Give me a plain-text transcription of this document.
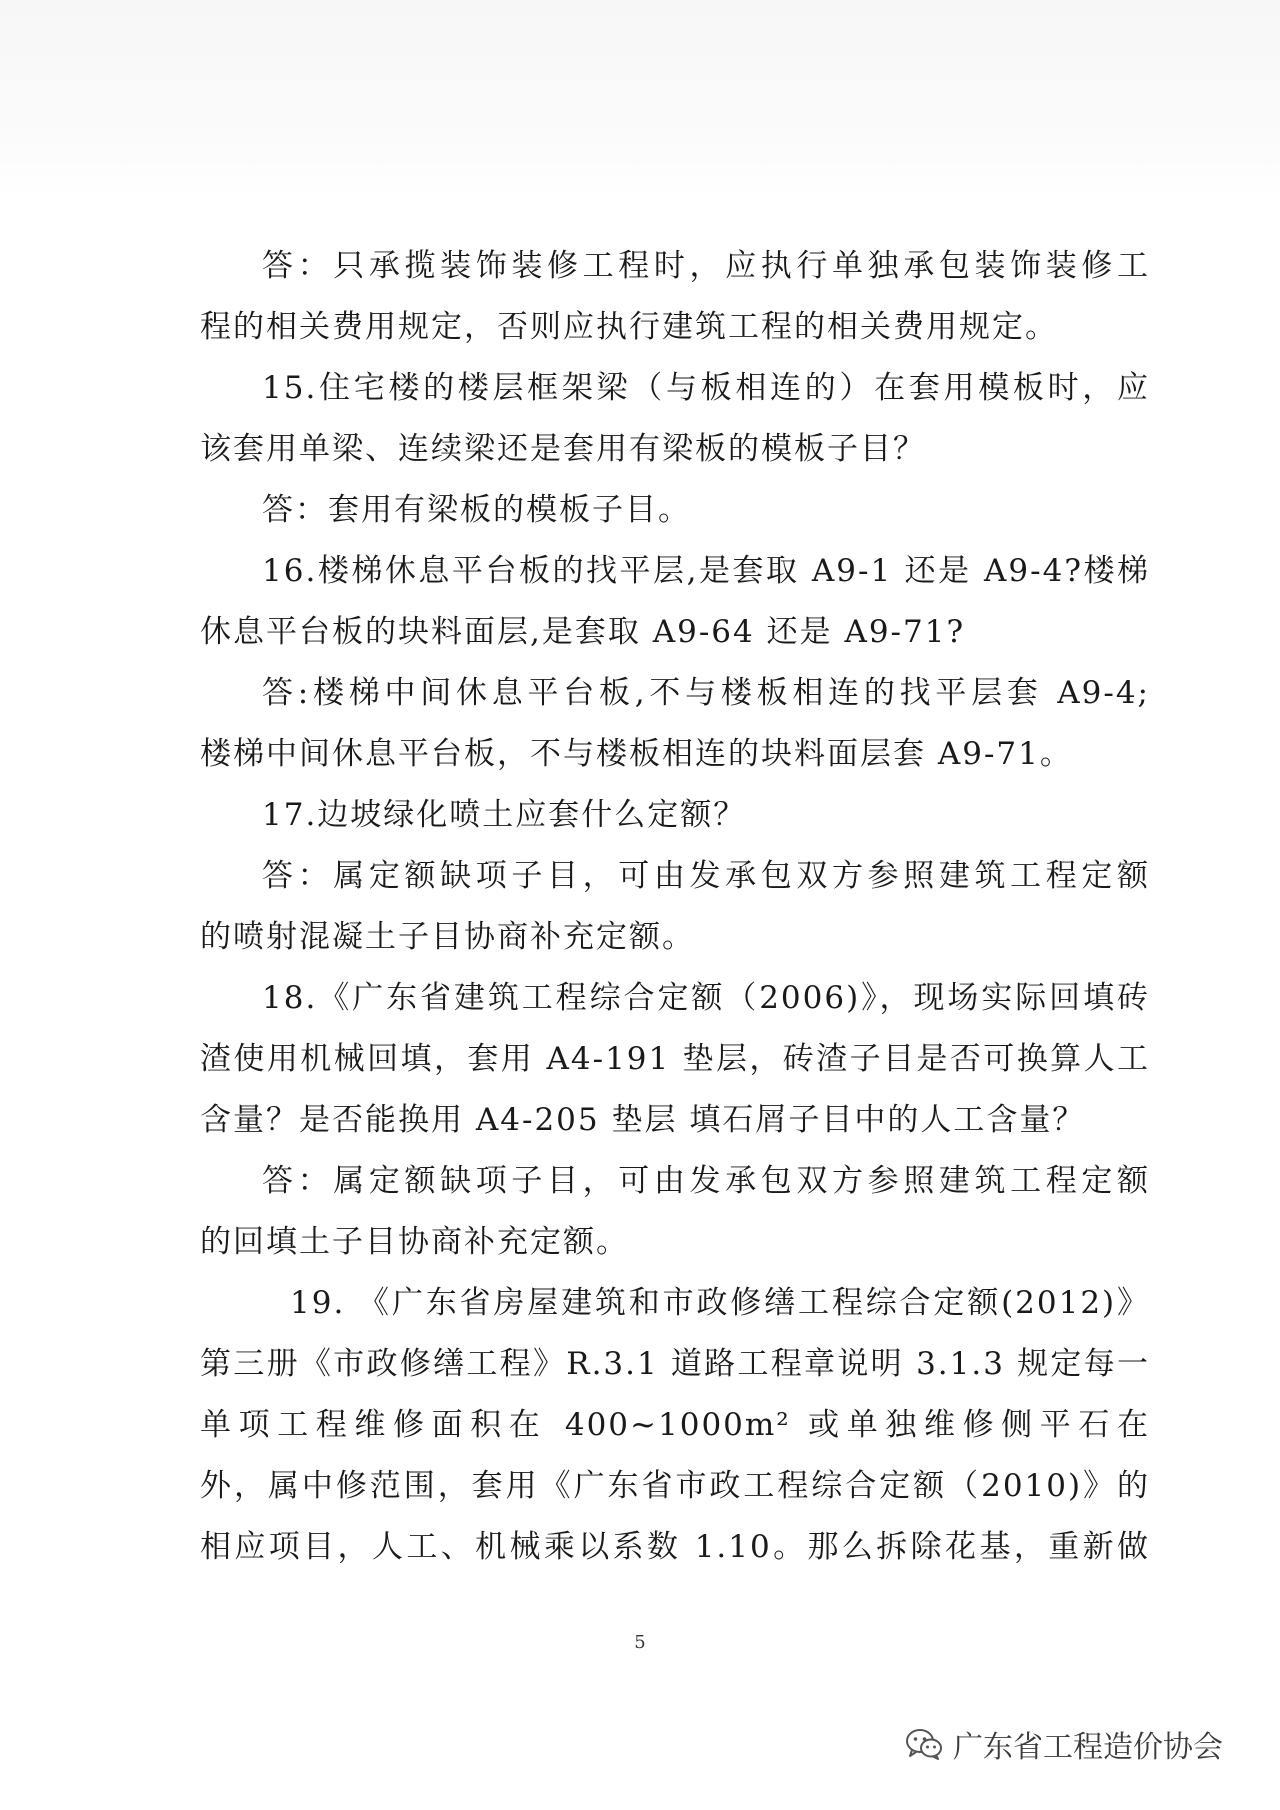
答：只承揽装饰装修工程时，应执行单独承包装饰装修工
程的相关费用规定，否则应执行建筑工程的相关费用规定。
15.住宅楼的楼层框架梁（与板相连的）在套用模板时，应
该套用单梁、连续梁还是套用有梁板的模板子目？
答：套用有梁板的模板子目。
16.楼梯休息平台板的找平层,是套取 A9-1 还是 A9-4?楼梯
休息平台板的块料面层,是套取 A9-64 还是 A9-71?
答:楼梯中间休息平台板,不与楼板相连的找平层套 A9-4;
楼梯中间休息平台板，不与楼板相连的块料面层套 A9-71。
17.边坡绿化喷土应套什么定额？
答：属定额缺项子目，可由发承包双方参照建筑工程定额
的喷射混凝土子目协商补充定额。
18.《广东省建筑工程综合定额（2006)》，现场实际回填砖
渣使用机械回填，套用 A4-191 垫层，砖渣子目是否可换算人工
含量？是否能换用 A4-205 垫层 填石屑子目中的人工含量？
答：属定额缺项子目，可由发承包双方参照建筑工程定额
的回填土子目协商补充定额。
19. 《广东省房屋建筑和市政修缮工程综合定额(2012)》
第三册《市政修缮工程》R.3.1 道路工程章说明 3.1.3 规定每一
单项工程维修面积在 400~1000m² 或单独维修侧平石在
外，属中修范围，套用《广东省市政工程综合定额（2010)》的
相应项目，人工、机械乘以系数 1.10。那么拆除花基，重新做
5
广东省工程造价协会
